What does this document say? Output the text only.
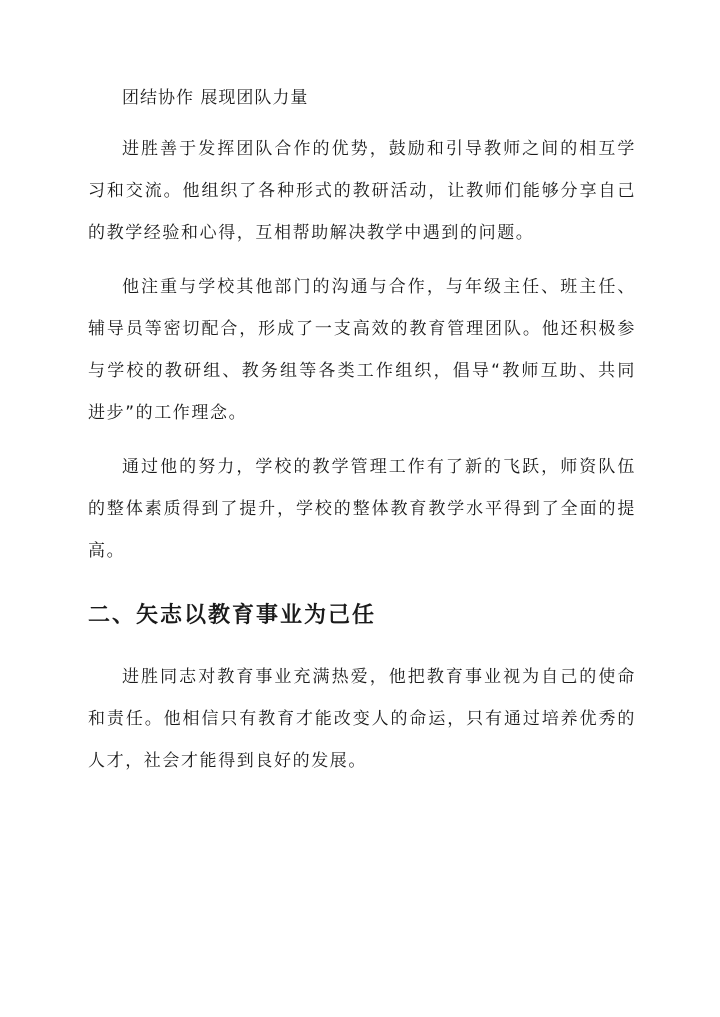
团结协作 展现团队力量

进胜善于发挥团队合作的优势，鼓励和引导教师之间的相互学习和交流。他组织了各种形式的教研活动，让教师们能够分享自己的教学经验和心得，互相帮助解决教学中遇到的问题。

他注重与学校其他部门的沟通与合作，与年级主任、班主任、辅导员等密切配合，形成了一支高效的教育管理团队。他还积极参与学校的教研组、教务组等各类工作组织，倡导“教师互助、共同进步”的工作理念。

通过他的努力，学校的教学管理工作有了新的飞跃，师资队伍的整体素质得到了提升，学校的整体教育教学水平得到了全面的提高。

二、矢志以教育事业为己任

进胜同志对教育事业充满热爱，他把教育事业视为自己的使命和责任。他相信只有教育才能改变人的命运，只有通过培养优秀的人才，社会才能得到良好的发展。
